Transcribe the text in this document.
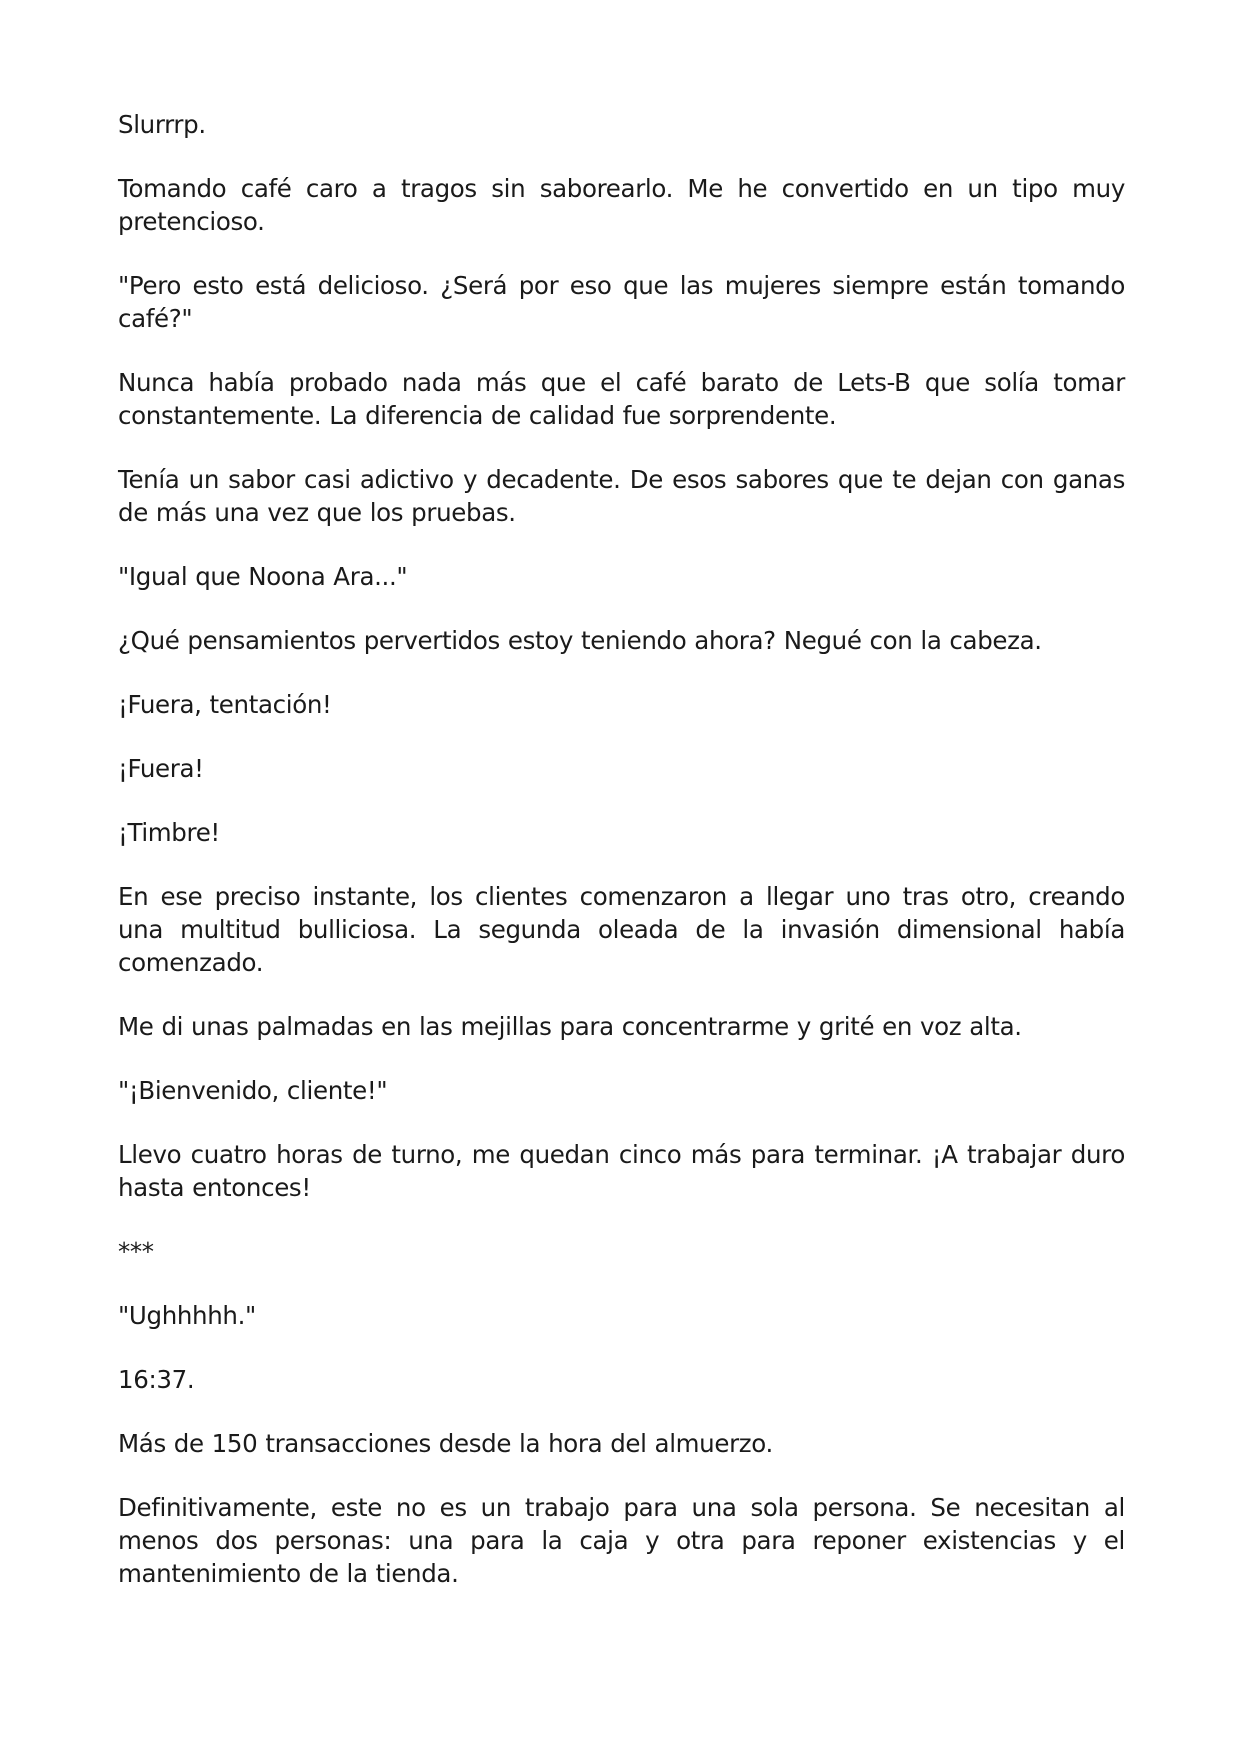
Slurrrp.

Tomando café caro a tragos sin saborearlo. Me he convertido en un tipo muy pretencioso.

"Pero esto está delicioso. ¿Será por eso que las mujeres siempre están tomando café?"

Nunca había probado nada más que el café barato de Lets-B que solía tomar constantemente. La diferencia de calidad fue sorprendente.

Tenía un sabor casi adictivo y decadente. De esos sabores que te dejan con ganas de más una vez que los pruebas.

"Igual que Noona Ara..."

¿Qué pensamientos pervertidos estoy teniendo ahora? Negué con la cabeza.

¡Fuera, tentación!

¡Fuera!

¡Timbre!

En ese preciso instante, los clientes comenzaron a llegar uno tras otro, creando una multitud bulliciosa. La segunda oleada de la invasión dimensional había comenzado.

Me di unas palmadas en las mejillas para concentrarme y grité en voz alta.

"¡Bienvenido, cliente!"

Llevo cuatro horas de turno, me quedan cinco más para terminar. ¡A trabajar duro hasta entonces!

***

"Ughhhhh."

16:37.

Más de 150 transacciones desde la hora del almuerzo.

Definitivamente, este no es un trabajo para una sola persona. Se necesitan al menos dos personas: una para la caja y otra para reponer existencias y el mantenimiento de la tienda.
